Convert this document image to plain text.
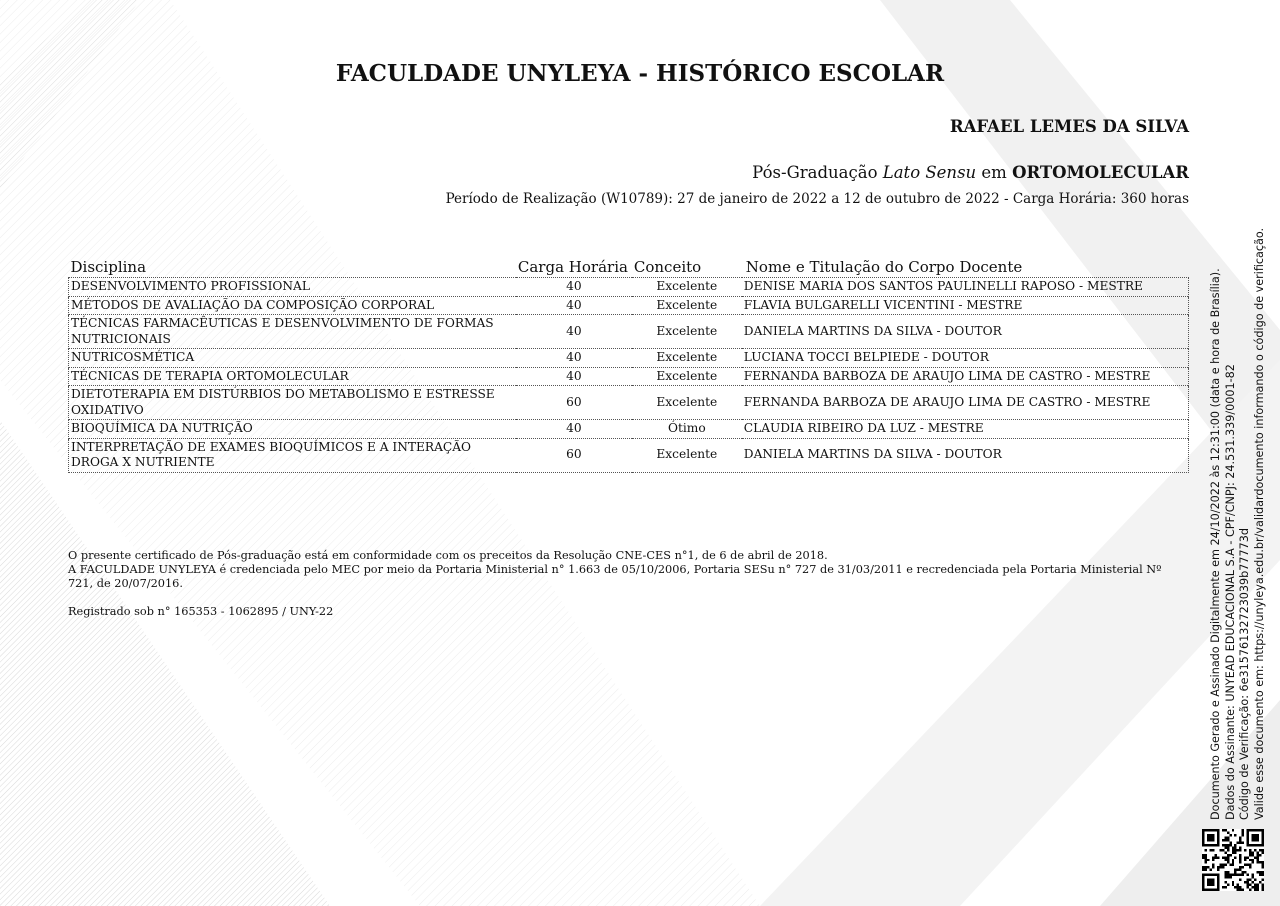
FACULDADE UNYLEYA - HISTÓRICO ESCOLAR
RAFAEL LEMES DA SILVA
Pós-Graduação Lato Sensu em ORTOMOLECULAR
Período de Realização (W10789): 27 de janeiro de 2022 a 12 de outubro de 2022 - Carga Horária: 360 horas
Disciplina	Carga Horária	Conceito	Nome e Titulação do Corpo Docente
DESENVOLVIMENTO PROFISSIONAL	40	Excelente	DENISE MARIA DOS SANTOS PAULINELLI RAPOSO - MESTRE
MÉTODOS DE AVALIAÇÃO DA COMPOSIÇÃO CORPORAL	40	Excelente	FLAVIA BULGARELLI VICENTINI - MESTRE
TÉCNICAS FARMACÊUTICAS E DESENVOLVIMENTO DE FORMAS NUTRICIONAIS	40	Excelente	DANIELA MARTINS DA SILVA - DOUTOR
NUTRICOSMÉTICA	40	Excelente	LUCIANA TOCCI BELPIEDE - DOUTOR
TÉCNICAS DE TERAPIA ORTOMOLECULAR	40	Excelente	FERNANDA BARBOZA DE ARAUJO LIMA DE CASTRO - MESTRE
DIETOTERAPIA EM DISTÚRBIOS DO METABOLISMO E ESTRESSE OXIDATIVO	60	Excelente	FERNANDA BARBOZA DE ARAUJO LIMA DE CASTRO - MESTRE
BIOQUÍMICA DA NUTRIÇÃO	40	Ótimo	CLAUDIA RIBEIRO DA LUZ - MESTRE
INTERPRETAÇÃO DE EXAMES BIOQUÍMICOS E A INTERAÇÃO DROGA X NUTRIENTE	60	Excelente	DANIELA MARTINS DA SILVA - DOUTOR

O presente certificado de Pós-graduação está em conformidade com os preceitos da Resolução CNE-CES n°1, de 6 de abril de 2018.

A FACULDADE UNYLEYA é credenciada pelo MEC por meio da Portaria Ministerial n° 1.663 de 05/10/2006, Portaria SESu n° 727 de 31/03/2011 e recredenciada pela Portaria Ministerial Nº 721, de 20/07/2016.

Registrado sob n° 165353 - 1062895 / UNY-22	Documento Gerado e Assinado Digitalmente em 24/10/2022 às 12:31:00 (data e hora de Brasília). Dados do Assinante: UNYEAD EDUCACIONAL S.A - CPF/CNPJ: 24.531.339/0001-82 Código de Verificação: 6e31576132723039b77773d Valide esse documento em: https://unyleya.edu.br/validardocumento informando o código de verificação.
